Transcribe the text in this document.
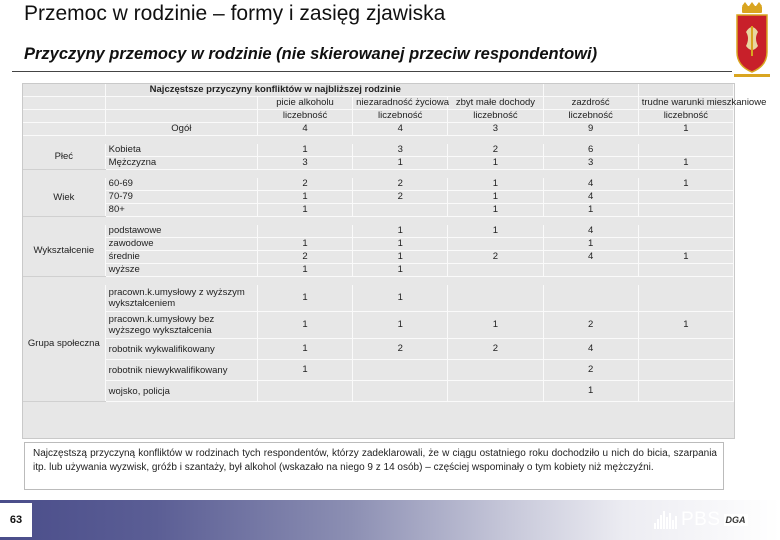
Przemoc w rodzinie – formy i zasięg zjawiska
Przyczyny przemocy w rodzinie (nie skierowanej przeciw respondentowi)
	Najczęstsze przyczyny konfliktów w najbliższej rodzinie					
		picie alkoholu	niezaradność życiowa	zbyt małe dochody	zazdrość	trudne warunki mieszkaniowe
		liczebność	liczebność	liczebność	liczebność	liczebność
	Ogół	4	4	3	9	1

Płeć	Kobieta	1	3	2	6	
	Mężczyzna	3	1	1	3	1

Wiek	60-69	2	2	1	4	1
	70-79	1	2	1	4	
	80+	1		1	1	

Wykształcenie	podstawowe		1	1	4	
	zawodowe	1	1		1	
	średnie	2	1	2	4	1
	wyższe	1	1			

Grupa społeczna	pracown.k.umysłowy z wyższym wykształceniem	1	1			
	pracown.k.umysłowy bez wyższego wykształcenia	1	1	1	2	1
	robotnik wykwalifikowany	1	2	2	4	
	robotnik niewykwalifikowany	1			2	
	wojsko, policja				1	
Najczęstszą przyczyną konfliktów w rodzinach tych respondentów, którzy zadeklarowali, że w ciągu ostatniego roku dochodziło u nich do bicia, szarpania itp. lub używania wyzwisk, gróźb i szantaży, był alkohol (wskazało na niego 9 z 14 osób) – częściej wspominały o tym kobiety niż mężczyźni.
63	PBS DGA
